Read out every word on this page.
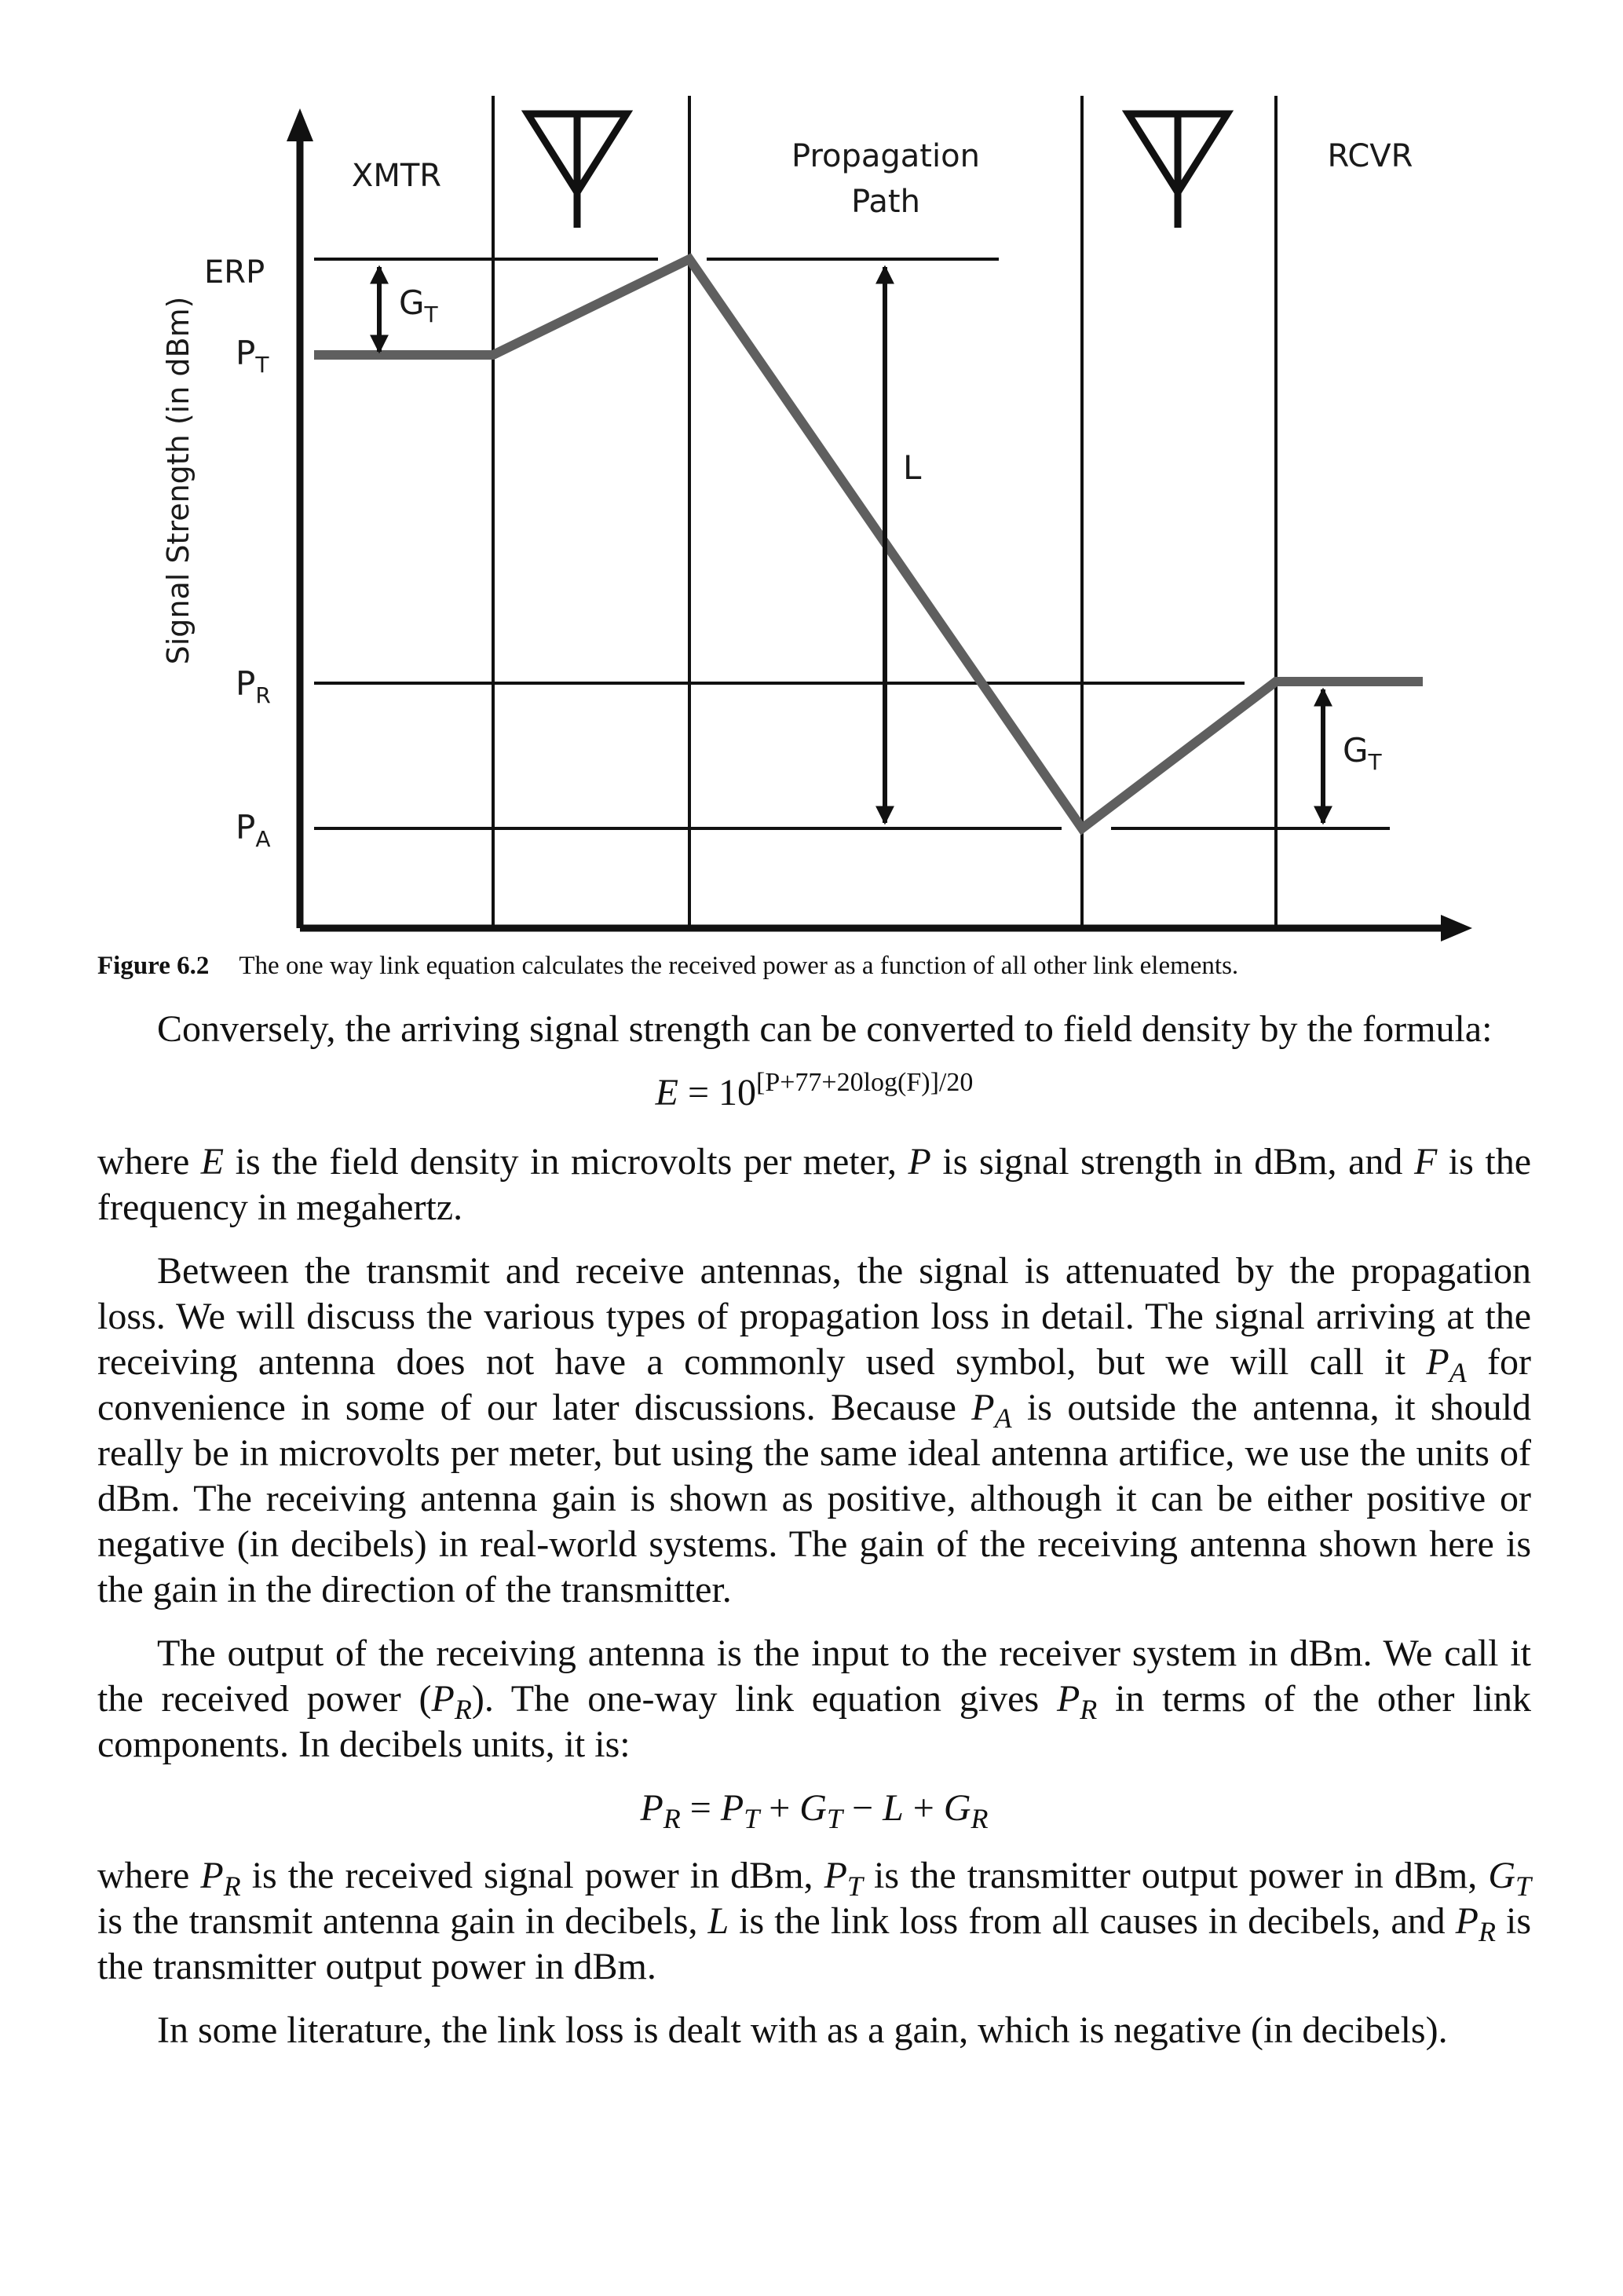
Signal Strength (in dBm)
ERP
$P_T$
$P_R$
$P_A$
XMTR
Propagation
Path
RCVR
$G_T$
L
$G_T$
Figure 6.2 The one way link equation calculates the received power as a function of all other link elements.

Conversely, the arriving signal strength can be converted to field density by the formula:

$E = 10^{[P+77+20log(F)]/20}$

where E is the field density in microvolts per meter, P is signal strength in dBm, and F is the frequency in megahertz.

Between the transmit and receive antennas, the signal is attenuated by the propagation loss. We will discuss the various types of propagation loss in detail. The signal arriving at the receiving antenna does not have a commonly used symbol, but we will call it $P_A$ for convenience in some of our later discussions. Because $P_A$ is outside the antenna, it should really be in microvolts per meter, but using the same ideal antenna artifice, we use the units of dBm. The receiving antenna gain is shown as positive, although it can be either positive or negative (in decibels) in real-world systems. The gain of the receiving antenna shown here is the gain in the direction of the transmitter.

The output of the receiving antenna is the input to the receiver system in dBm. We call it the received power $(P_R)$. The one-way link equation gives $P_R$ in terms of the other link components. In decibels units, it is:

$P_R = P_T + G_T - L + G_R$

where $P_R$ is the received signal power in dBm, $P_T$ is the transmitter output power in dBm, $G_T$ is the transmit antenna gain in decibels, L is the link loss from all causes in decibels, and $P_R$ is the transmitter output power in dBm.

In some literature, the link loss is dealt with as a gain, which is negative (in decibels).
